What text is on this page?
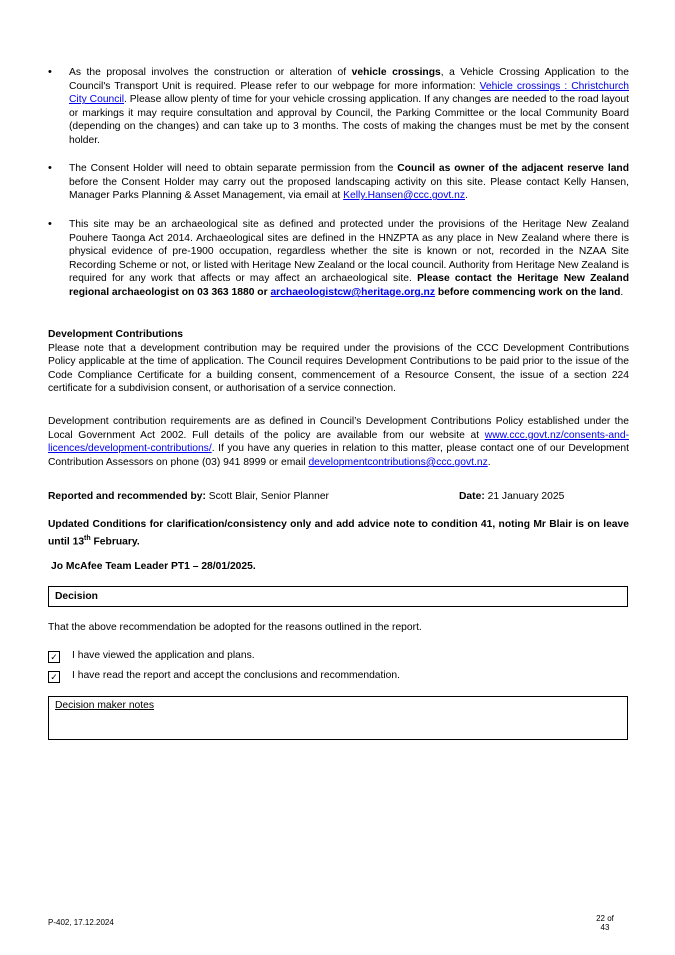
•	As the proposal involves the construction or alteration of vehicle crossings, a Vehicle Crossing Application to the Council's Transport Unit is required. Please refer to our webpage for more information: Vehicle crossings : Christchurch City Council. Please allow plenty of time for your vehicle crossing application. If any changes are needed to the road layout or markings it may require consultation and approval by Council, the Parking Committee or the local Community Board (depending on the changes) and can take up to 3 months. The costs of making the changes must be met by the consent holder.
•	The Consent Holder will need to obtain separate permission from the Council as owner of the adjacent reserve land before the Consent Holder may carry out the proposed landscaping activity on this site. Please contact Kelly Hansen, Manager Parks Planning & Asset Management, via email at Kelly.Hansen@ccc.govt.nz.
•	This site may be an archaeological site as defined and protected under the provisions of the Heritage New Zealand Pouhere Taonga Act 2014. Archaeological sites are defined in the HNZPTA as any place in New Zealand where there is physical evidence of pre-1900 occupation, regardless whether the site is known or not, recorded in the NZAA Site Recording Scheme or not, or listed with Heritage New Zealand or the local council. Authority from Heritage New Zealand is required for any work that affects or may affect an archaeological site. Please contact the Heritage New Zealand regional archaeologist on 03 363 1880 or archaeologistcw@heritage.org.nz before commencing work on the land.
Development Contributions
Please note that a development contribution may be required under the provisions of the CCC Development Contributions Policy applicable at the time of application. The Council requires Development Contributions to be paid prior to the issue of the Code Compliance Certificate for a building consent, commencement of a Resource Consent, the issue of a section 224 certificate for a subdivision consent, or authorisation of a service connection.
Development contribution requirements are as defined in Council’s Development Contributions Policy established under the Local Government Act 2002. Full details of the policy are available from our website at www.ccc.govt.nz/consents-and-licences/development-contributions/. If you have any queries in relation to this matter, please contact one of our Development Contribution Assessors on phone (03) 941 8999 or email developmentcontributions@ccc.govt.nz.
Reported and recommended by: Scott Blair, Senior Planner	Date: 21 January 2025
Updated Conditions for clarification/consistency only and add advice note to condition 41, noting Mr Blair is on leave until 13th February.
Jo McAfee Team Leader PT1 – 28/01/2025.
Decision
That the above recommendation be adopted for the reasons outlined in the report.
✓ I have viewed the application and plans.
✓ I have read the report and accept the conclusions and recommendation.
Decision maker notes
P-402, 17.12.2024	22 of
43
